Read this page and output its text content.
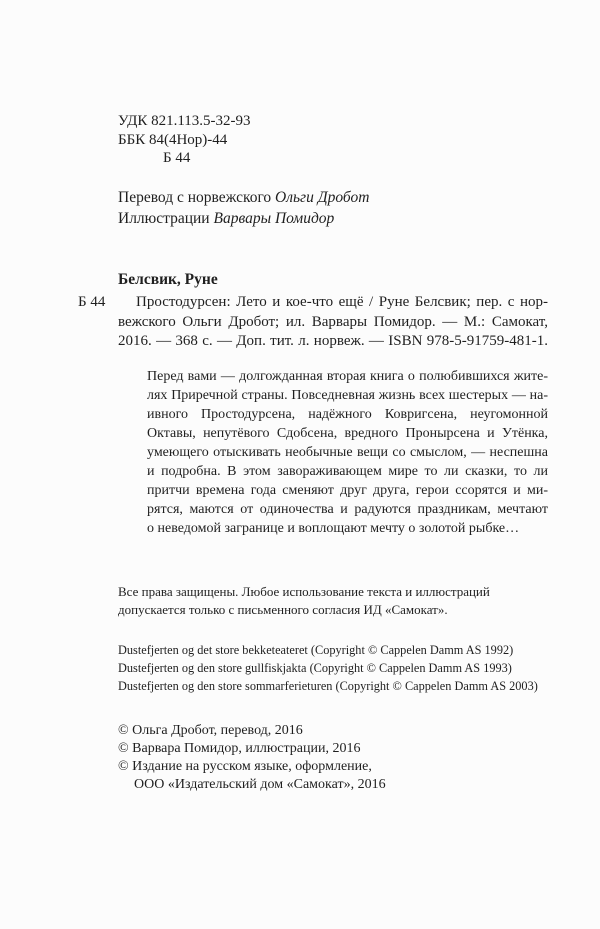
УДК 821.113.5-32-93
ББК 84(4Нор)-44
Б 44
Перевод с норвежского Ольги Дробот
Иллюстрации Варвары Помидор
Белсвик, Руне
Б 44 Простодурсен: Лето и кое-что ещё / Руне Белсвик; пер. с нор-
вежского Ольги Дробот; ил. Варвары Помидор. — М.: Самокат,
2016. — 368 с. — Доп. тит. л. норвеж. — ISBN 978-5-91759-481-1.
Перед вами — долгожданная вторая книга о полюбившихся жите-
лях Приречной страны. Повседневная жизнь всех шестерых — на-
ивного Простодурсена, надёжного Ковригсена, неугомонной
Октавы, непутёвого Сдобсена, вредного Пронырсена и Утёнка,
умеющего отыскивать необычные вещи со смыслом, — неспешна
и подробна. В этом завораживающем мире то ли сказки, то ли
притчи времена года сменяют друг друга, герои ссорятся и ми-
рятся, маются от одиночества и радуются праздникам, мечтают
о неведомой загранице и воплощают мечту о золотой рыбке…
Все права защищены. Любое использование текста и иллюстраций
допускается только с письменного согласия ИД «Самокат».
Dustefjerten og det store bekketeateret (Copyright © Cappelen Damm AS 1992)
Dustefjerten og den store gullfiskjakta (Copyright © Cappelen Damm AS 1993)
Dustefjerten og den store sommarferieturen (Copyright © Cappelen Damm AS 2003)
© Ольга Дробот, перевод, 2016
© Варвара Помидор, иллюстрации, 2016
© Издание на русском языке, оформление,
ООО «Издательский дом «Самокат», 2016
